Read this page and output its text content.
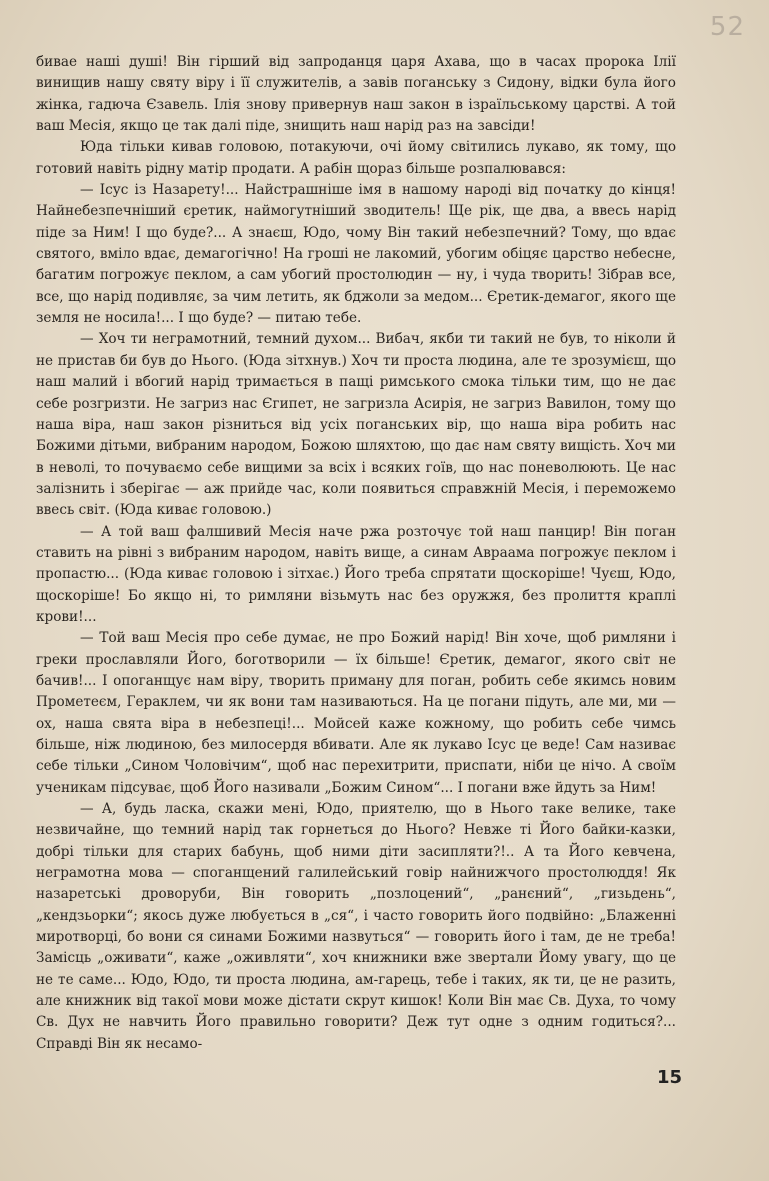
52

бивае наші душі! Він гірший від запроданця царя Ахава, що в часах пророка Ілії винищив нашу святу віру і її служителів, а завів поганську з Сидону, відки була його жінка, гадюча Єзавель. Ілія знову привернув наш закон в ізраїльському царстві. А той ваш Месія, якщо це так далі піде, знищить наш нарід раз на завсіди!

Юда тільки кивав головою, потакуючи, очі йому світились лукаво, як тому, що готовий навіть рідну матір продати. А рабін щораз більше розпалювався:

— Ісус із Назарету!... Найстрашніше імя в нашому народі від початку до кінця! Найнебезпечніший єретик, наймогутніший зводитель! Ще рік, ще два, а ввесь нарід піде за Ним! І що буде?... А знаєш, Юдо, чому Він такий небезпечний? Тому, що вдає святого, вміло вдає, демагогічно! На гроші не лакомий, убогим обіцяє царство небесне, багатим погрожує пеклом, а сам убогий простолюдин — ну, і чуда творить! Зібрав все, все, що нарід подивляє, за чим летить, як бджоли за медом... Єретик-демагог, якого ще земля не носила!... І що буде? — питаю тебе.

— Хоч ти неграмотний, темний духом... Вибач, якби ти такий не був, то ніколи й не пристав би був до Нього. (Юда зітхнув.) Хоч ти проста людина, але те зрозумієш, що наш малий і вбогий нарід тримається в пащі римського смока тільки тим, що не дає себе розгризти. Не загриз нас Єгипет, не загризла Асирія, не загриз Вавилон, тому що наша віра, наш закон різниться від усіх поганських вір, що наша віра робить нас Божими дітьми, вибраним народом, Божою шляхтою, що дає нам святу вищість. Хоч ми в неволі, то почуваємо себе вищими за всіх і всяких гоїв, що нас поневолюють. Це нас залізнить і зберігає — аж прийде час, коли появиться справжній Месія, і переможемо ввесь світ. (Юда киває головою.)

— А той ваш фалшивий Месія наче ржа розточує той наш панцир! Він поган ставить на рівні з вибраним народом, навіть вище, а синам Авраама погрожує пеклом і пропастю... (Юда киває головою і зітхає.) Його треба спрятати щоскоріше! Чуєш, Юдо, щоскоріше! Бо якщо ні, то римляни візьмуть нас без оружжя, без пролиття краплі крови!...

— Той ваш Месія про себе думає, не про Божий нарід! Він хоче, щоб римляни і греки прославляли Його, боготворили — їх більше! Єретик, демагог, якого світ не бачив!... І опоганщує нам віру, творить приману для поган, робить себе якимсь новим Прометеєм, Гераклем, чи як вони там називаються. На це погани підуть, але ми, ми — ох, наша свята віра в небезпеці!... Мойсей каже кожному, що робить себе чимсь більше, ніж людиною, без милосердя вбивати. Але як лукаво Ісус це веде! Сам називає себе тільки „Сином Чоловічим“, щоб нас перехитрити, приспати, ніби це нічо. А своїм ученикам підсуває, щоб Його називали „Божим Сином“... І погани вже йдуть за Ним!

— А, будь ласка, скажи мені, Юдо, приятелю, що в Нього таке велике, таке незвичайне, що темний нарід так горнеться до Нього? Невже ті Його байки-казки, добрі тільки для старих бабунь, щоб ними діти засипляти?!.. А та Його кевчена, неграмотна мова — споганщений галилейський говір найнижчого простолюддя! Як назаретські дроворуби, Він говорить „позлоцений“, „ранєний“, „гизьдень“, „кендзьорки“; якось дуже любується в „ся“, і часто говорить його подвійно: „Блаженні миротворці, бо вони ся синами Божими назвуться“ — говорить його і там, де не треба! Замісць „оживати“, каже „оживляти“, хоч книжники вже звертали Йому увагу, що це не те саме... Юдо, Юдо, ти проста людина, ам-гарець, тебе і таких, як ти, це не разить, але книжник від такої мови може дістати скрут кишок! Коли Він має Св. Духа, то чому Св. Дух не навчить Його правильно говорити? Деж тут одне з одним годиться?... Справді Він як несамо-

15
